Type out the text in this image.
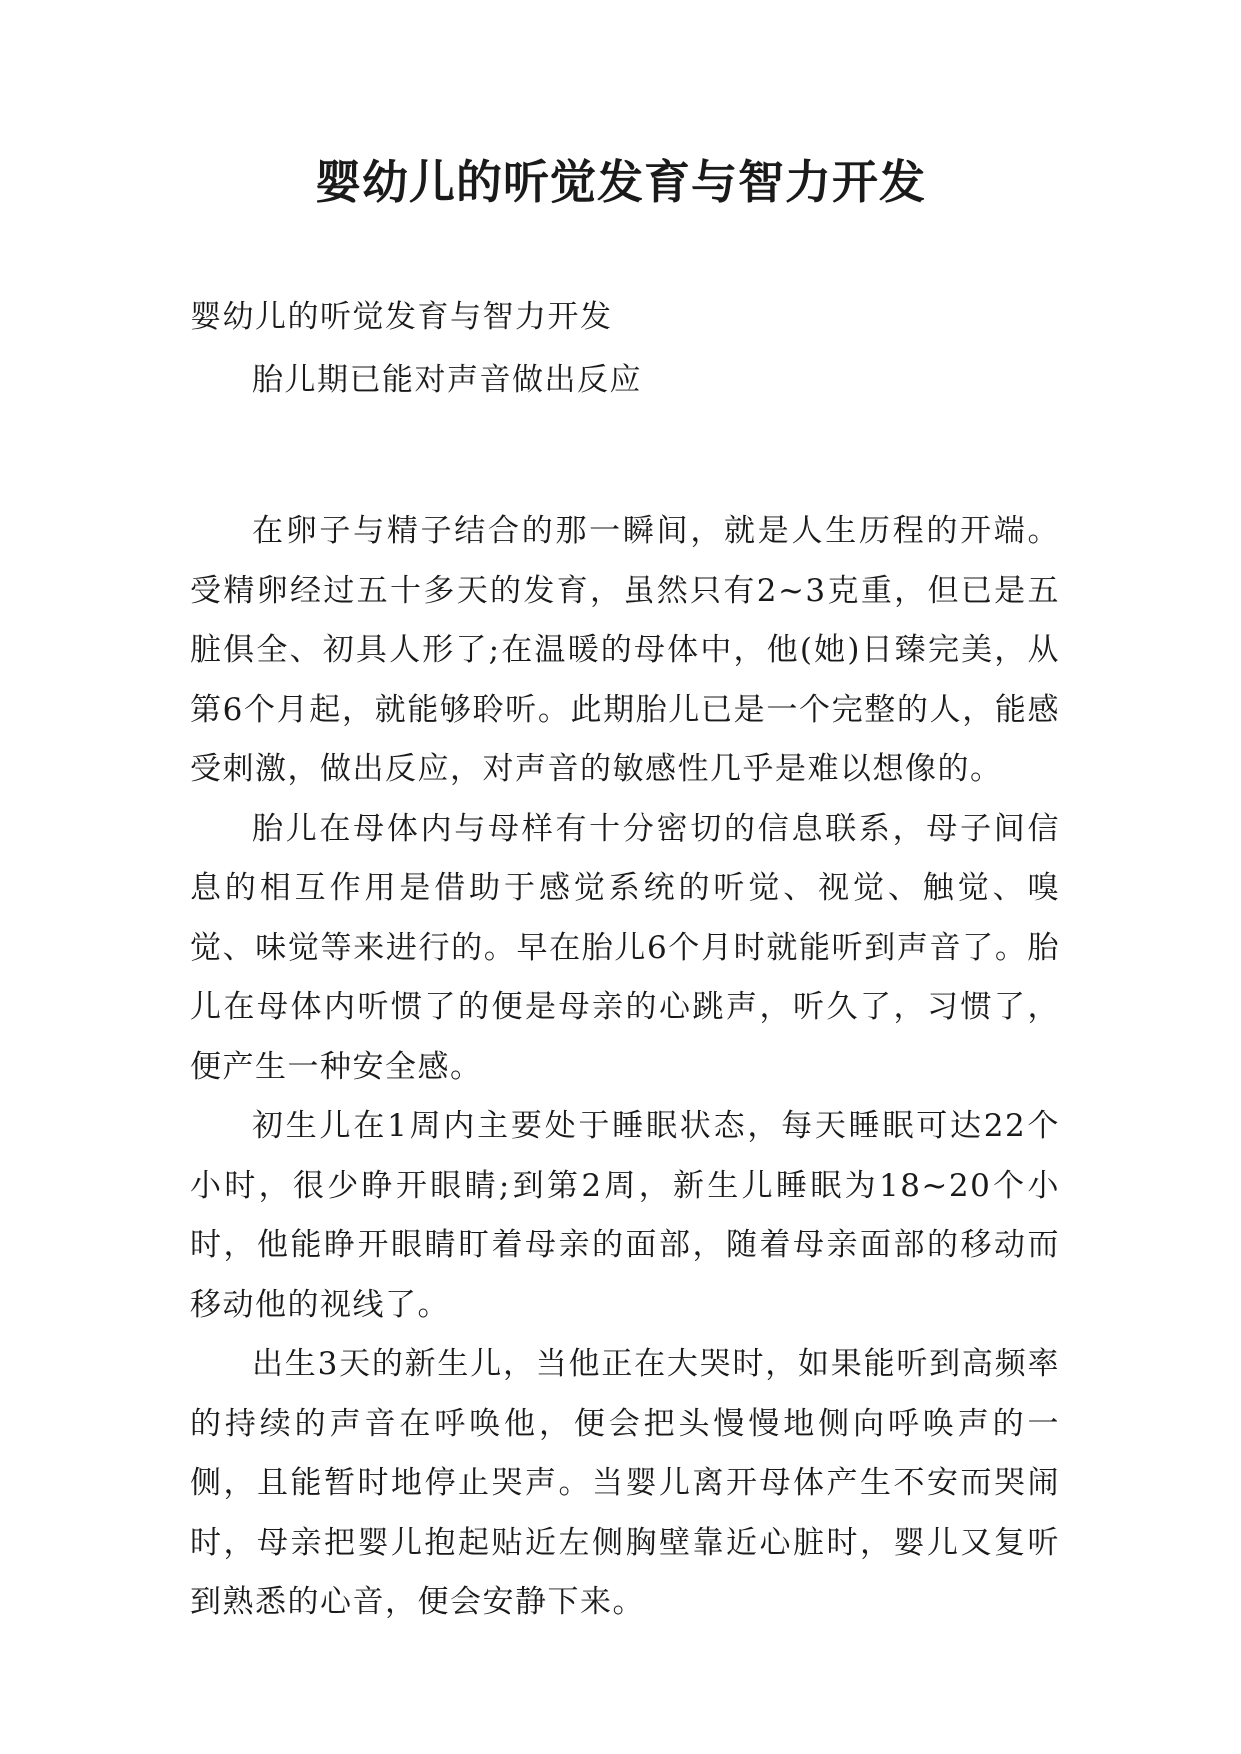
婴幼儿的听觉发育与智力开发

婴幼儿的听觉发育与智力开发

胎儿期已能对声音做出反应

在卵子与精子结合的那一瞬间，就是人生历程的开端。受精卵经过五十多天的发育，虽然只有2~3克重，但已是五脏俱全、初具人形了;在温暖的母体中，他(她)日臻完美，从第6个月起，就能够聆听。此期胎儿已是一个完整的人，能感受刺激，做出反应，对声音的敏感性几乎是难以想像的。

胎儿在母体内与母样有十分密切的信息联系，母子间信息的相互作用是借助于感觉系统的听觉、视觉、触觉、嗅觉、味觉等来进行的。早在胎儿6个月时就能听到声音了。胎儿在母体内听惯了的便是母亲的心跳声，听久了，习惯了，便产生一种安全感。

初生儿在1周内主要处于睡眠状态，每天睡眠可达22个小时，很少睁开眼睛;到第2周，新生儿睡眠为18~20个小时，他能睁开眼睛盯着母亲的面部，随着母亲面部的移动而移动他的视线了。

出生3天的新生儿，当他正在大哭时，如果能听到高频率的持续的声音在呼唤他，便会把头慢慢地侧向呼唤声的一侧，且能暂时地停止哭声。当婴儿离开母体产生不安而哭闹时，母亲把婴儿抱起贴近左侧胸壁靠近心脏时，婴儿又复听到熟悉的心音，便会安静下来。
